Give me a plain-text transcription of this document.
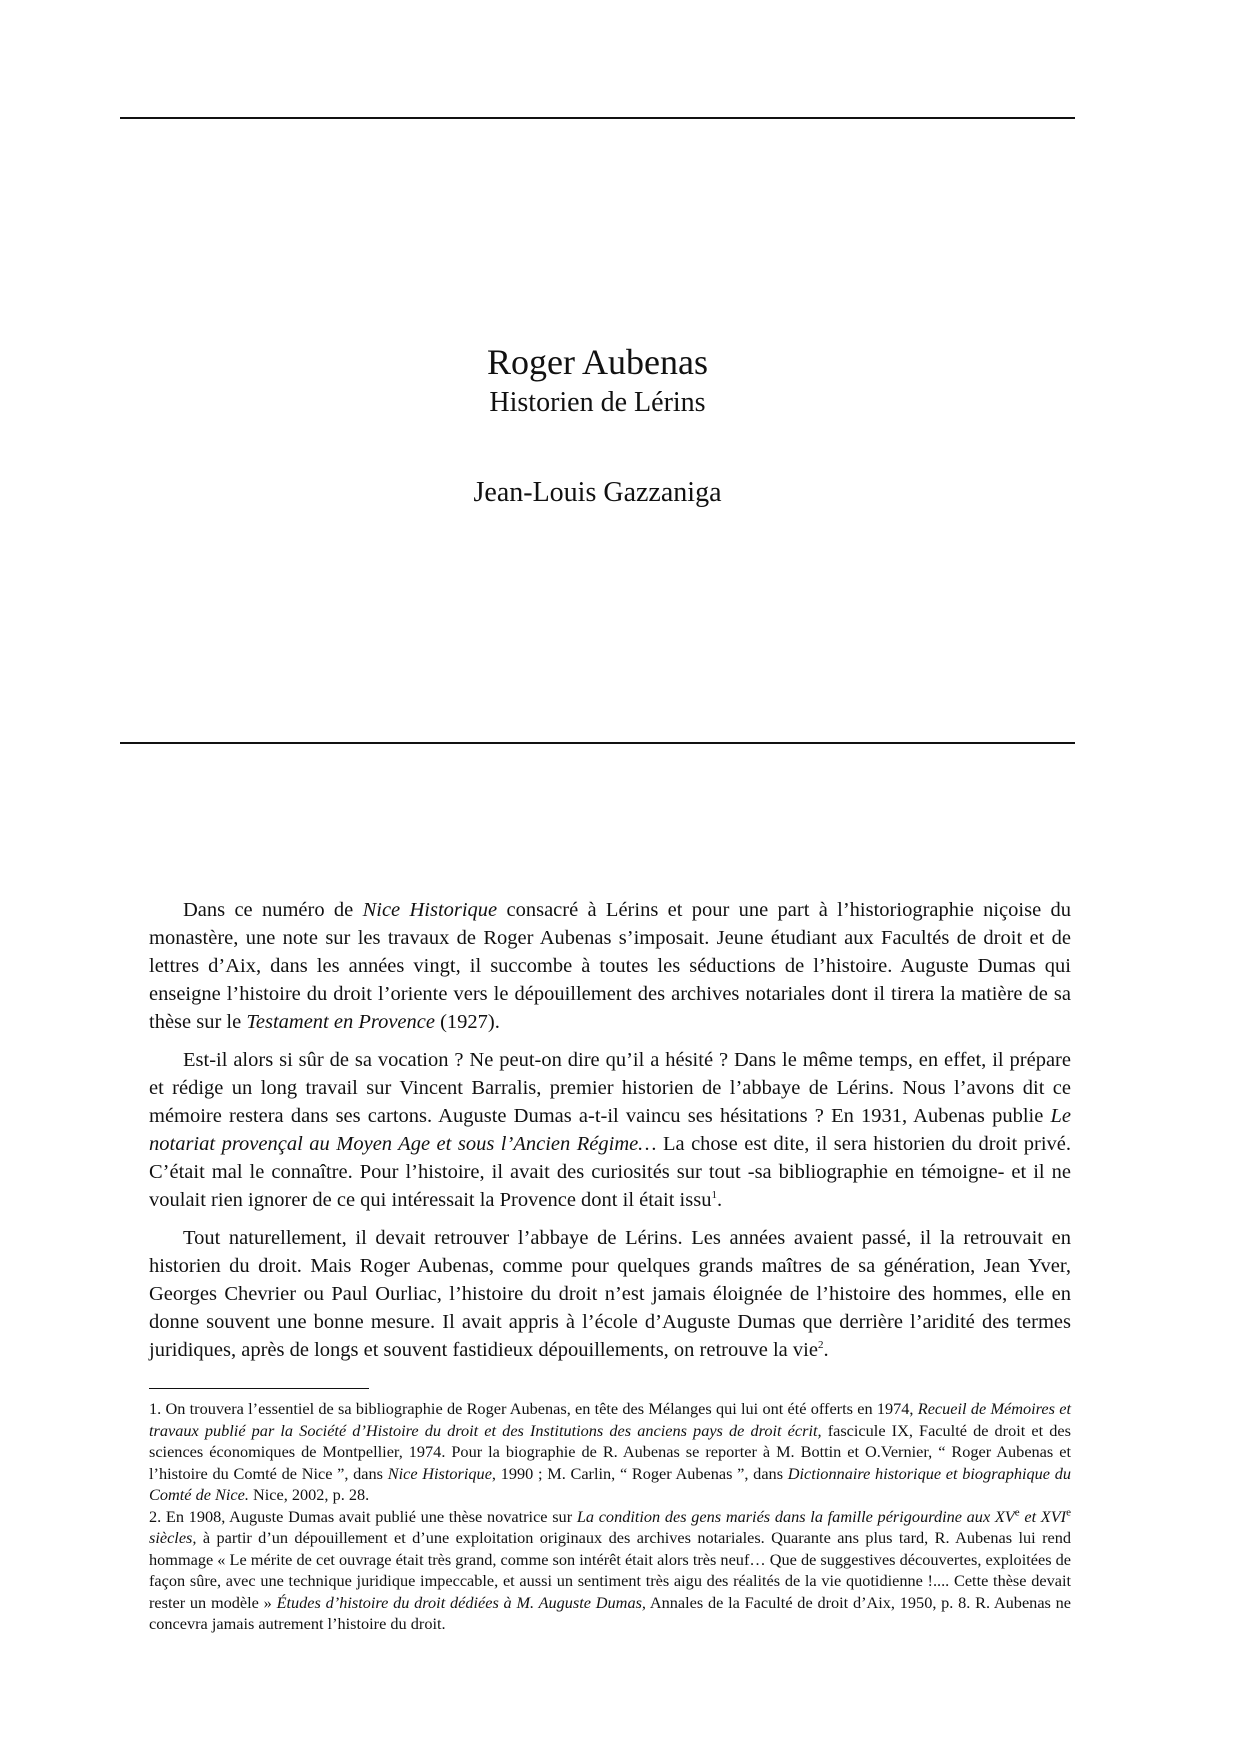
Roger Aubenas
Historien de Lérins
Jean-Louis Gazzaniga

Dans ce numéro de Nice Historique consacré à Lérins et pour une part à l’historiographie niçoise du monastère, une note sur les travaux de Roger Aubenas s’imposait. Jeune étudiant aux Facultés de droit et de lettres d’Aix, dans les années vingt, il succombe à toutes les séductions de l’histoire. Auguste Dumas qui enseigne l’histoire du droit l’oriente vers le dépouillement des archives notariales dont il tirera la matière de sa thèse sur le Testament en Provence (1927).

Est-il alors si sûr de sa vocation ? Ne peut-on dire qu’il a hésité ? Dans le même temps, en effet, il prépare et rédige un long travail sur Vincent Barralis, premier historien de l’abbaye de Lérins. Nous l’avons dit ce mémoire restera dans ses cartons. Auguste Dumas a-t-il vaincu ses hésitations ? En 1931, Aubenas publie Le notariat provençal au Moyen Age et sous l’Ancien Régime… La chose est dite, il sera historien du droit privé. C’était mal le connaître. Pour l’histoire, il avait des curiosités sur tout -sa bibliographie en témoigne- et il ne voulait rien ignorer de ce qui intéressait la Provence dont il était issu$^1$.

Tout naturellement, il devait retrouver l’abbaye de Lérins. Les années avaient passé, il la retrouvait en historien du droit. Mais Roger Aubenas, comme pour quelques grands maîtres de sa génération, Jean Yver, Georges Chevrier ou Paul Ourliac, l’histoire du droit n’est jamais éloignée de l’histoire des hommes, elle en donne souvent une bonne mesure. Il avait appris à l’école d’Auguste Dumas que derrière l’aridité des termes juridiques, après de longs et souvent fastidieux dépouillements, on retrouve la vie$^2$.

1. On trouvera l’essentiel de sa bibliographie de Roger Aubenas, en tête des Mélanges qui lui ont été offerts en 1974, Recueil de Mémoires et travaux publié par la Société d’Histoire du droit et des Institutions des anciens pays de droit écrit, fascicule IX, Faculté de droit et des sciences économiques de Montpellier, 1974. Pour la biographie de R. Aubenas se reporter à M. Bottin et O.Vernier, “ Roger Aubenas et l’histoire du Comté de Nice ”, dans Nice Historique, 1990 ; M. Carlin, “ Roger Aubenas ”, dans Dictionnaire historique et biographique du Comté de Nice. Nice, 2002, p. 28.

2. En 1908, Auguste Dumas avait publié une thèse novatrice sur La condition des gens mariés dans la famille périgourdine aux XVe et XVIe siècles, à partir d’un dépouillement et d’une exploitation originaux des archives notariales. Quarante ans plus tard, R. Aubenas lui rend hommage « Le mérite de cet ouvrage était très grand, comme son intérêt était alors très neuf… Que de suggestives découvertes, exploitées de façon sûre, avec une technique juridique impeccable, et aussi un sentiment très aigu des réalités de la vie quotidienne !.... Cette thèse devait rester un modèle » Études d’histoire du droit dédiées à M. Auguste Dumas, Annales de la Faculté de droit d’Aix, 1950, p. 8. R. Aubenas ne concevra jamais autrement l’histoire du droit.
